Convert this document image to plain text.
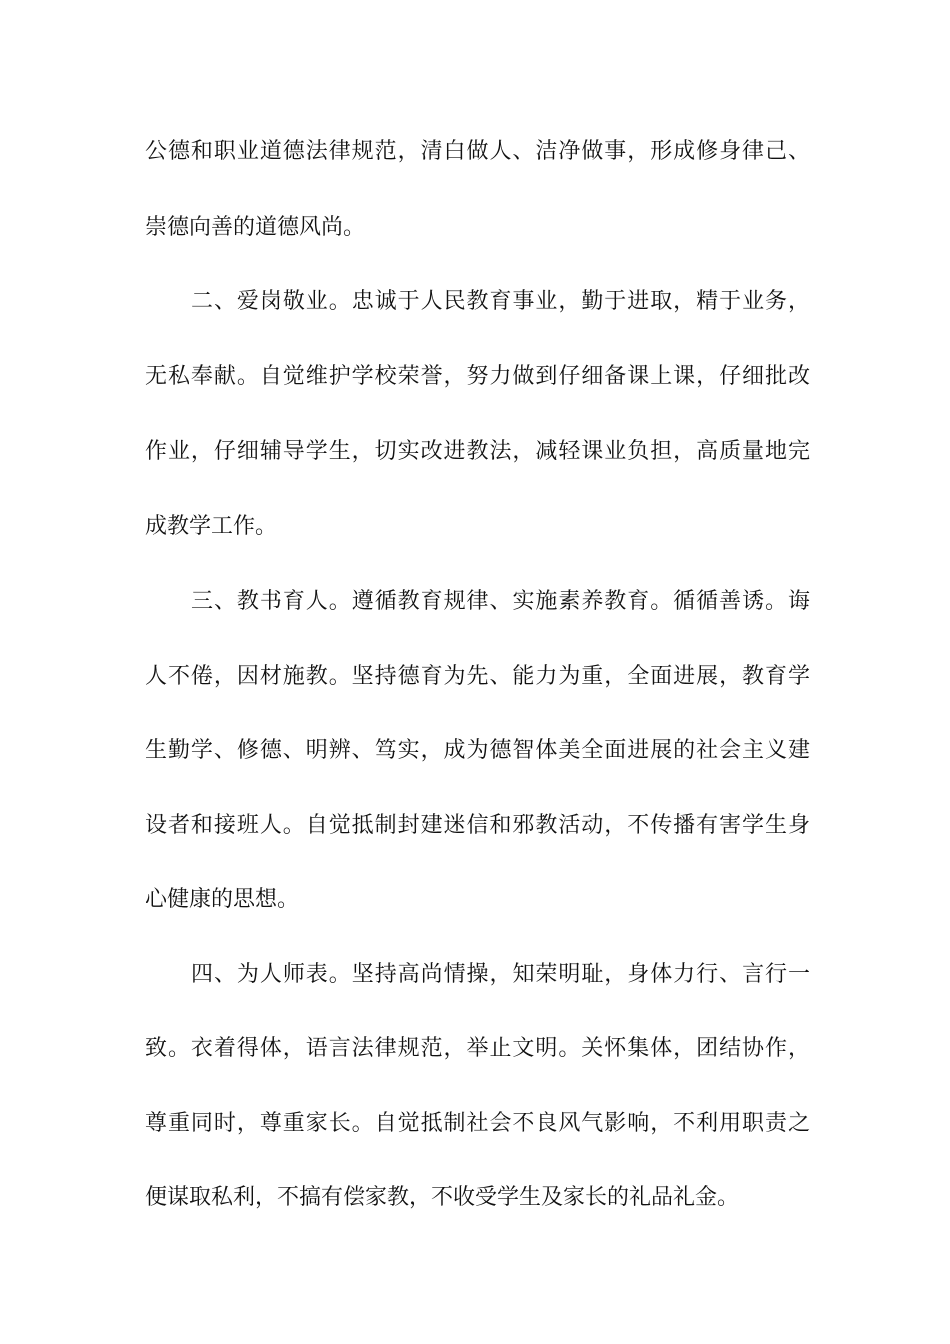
公德和职业道德法律规范，清白做人、洁净做事，形成修身律己、
崇德向善的道德风尚。
二、爱岗敬业。忠诚于人民教育事业，勤于进取，精于业务，
无私奉献。自觉维护学校荣誉，努力做到仔细备课上课，仔细批改
作业，仔细辅导学生，切实改进教法，减轻课业负担，高质量地完
成教学工作。
三、教书育人。遵循教育规律、实施素养教育。循循善诱。诲
人不倦，因材施教。坚持德育为先、能力为重，全面进展，教育学
生勤学、修德、明辨、笃实，成为德智体美全面进展的社会主义建
设者和接班人。自觉抵制封建迷信和邪教活动，不传播有害学生身
心健康的思想。
四、为人师表。坚持高尚情操，知荣明耻，身体力行、言行一
致。衣着得体，语言法律规范，举止文明。关怀集体，团结协作，
尊重同时，尊重家长。自觉抵制社会不良风气影响，不利用职责之
便谋取私利，不搞有偿家教，不收受学生及家长的礼品礼金。
